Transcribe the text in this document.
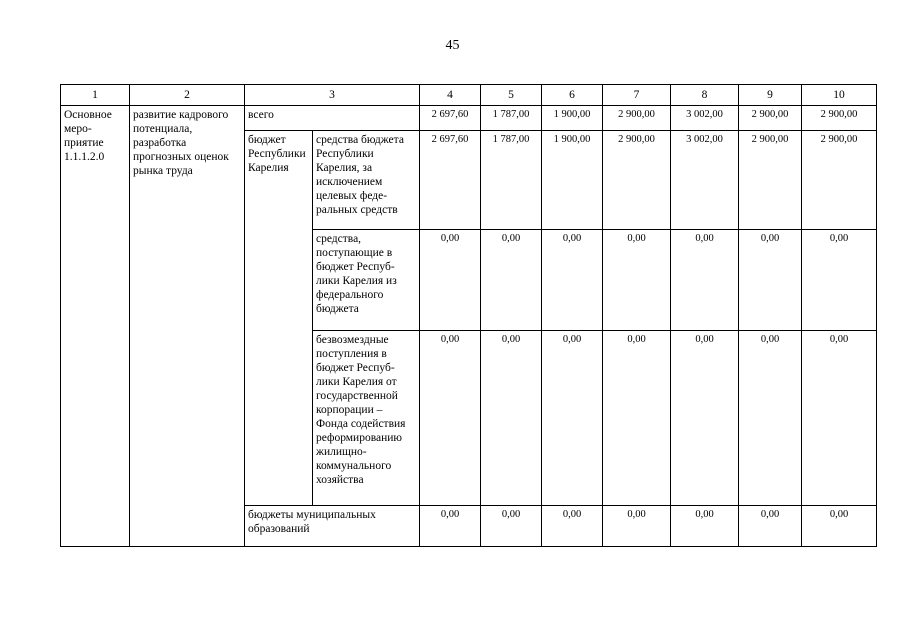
45
1	2	3		4	5	6	7	8	9	10
Основное меро-приятие 1.1.1.2.0	развитие кадрового потенциала, разработка прогнозных оценок рынка труда	всего		2 697,60	1 787,00	1 900,00	2 900,00	3 002,00	2 900,00	2 900,00
		бюджет Республики Карелия	средства бюджета Республики Карелия, за исключением целевых феде-ральных средств	2 697,60	1 787,00	1 900,00	2 900,00	3 002,00	2 900,00	2 900,00
			средства, поступающие в бюджет Респуб-лики Карелия из федерального бюджета	0,00	0,00	0,00	0,00	0,00	0,00	0,00
			безвозмездные поступления в бюджет Респуб-лики Карелия от государственной корпорации – Фонда содействия реформированию жилищно-коммунального хозяйства	0,00	0,00	0,00	0,00	0,00	0,00	0,00
		бюджеты муниципальных образований		0,00	0,00	0,00	0,00	0,00	0,00	0,00
